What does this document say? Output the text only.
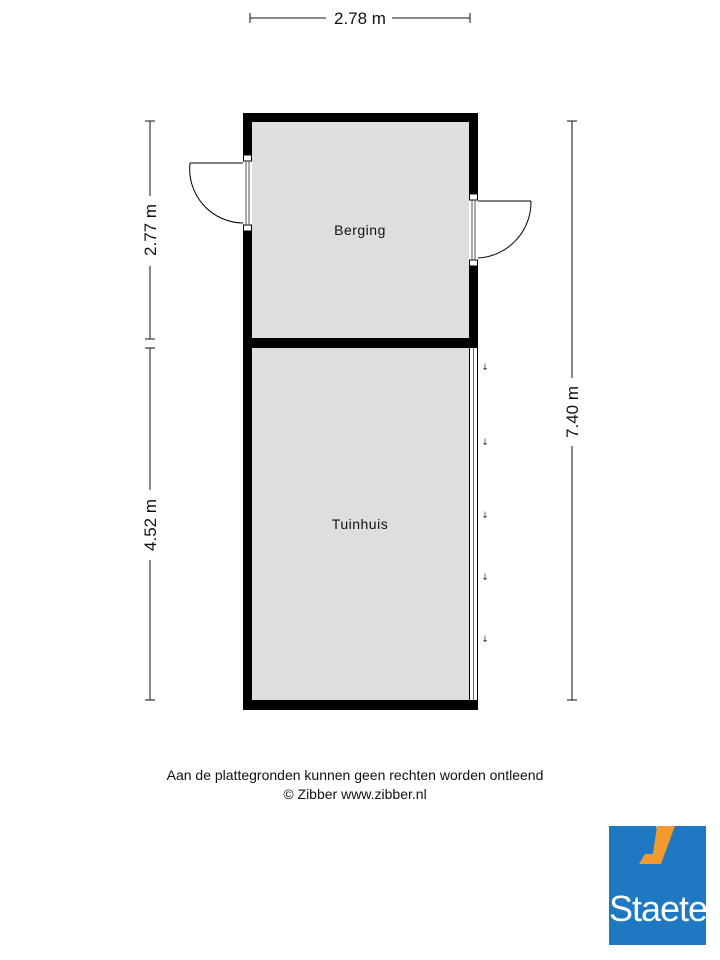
2.78 m
2.77 m
4.52 m
7.40 m
↓
↓
↓
↓
↓
Berging
Tuinhuis
Aan de plattegronden kunnen geen rechten worden ontleend
© Zibber www.zibber.nl
Staete
